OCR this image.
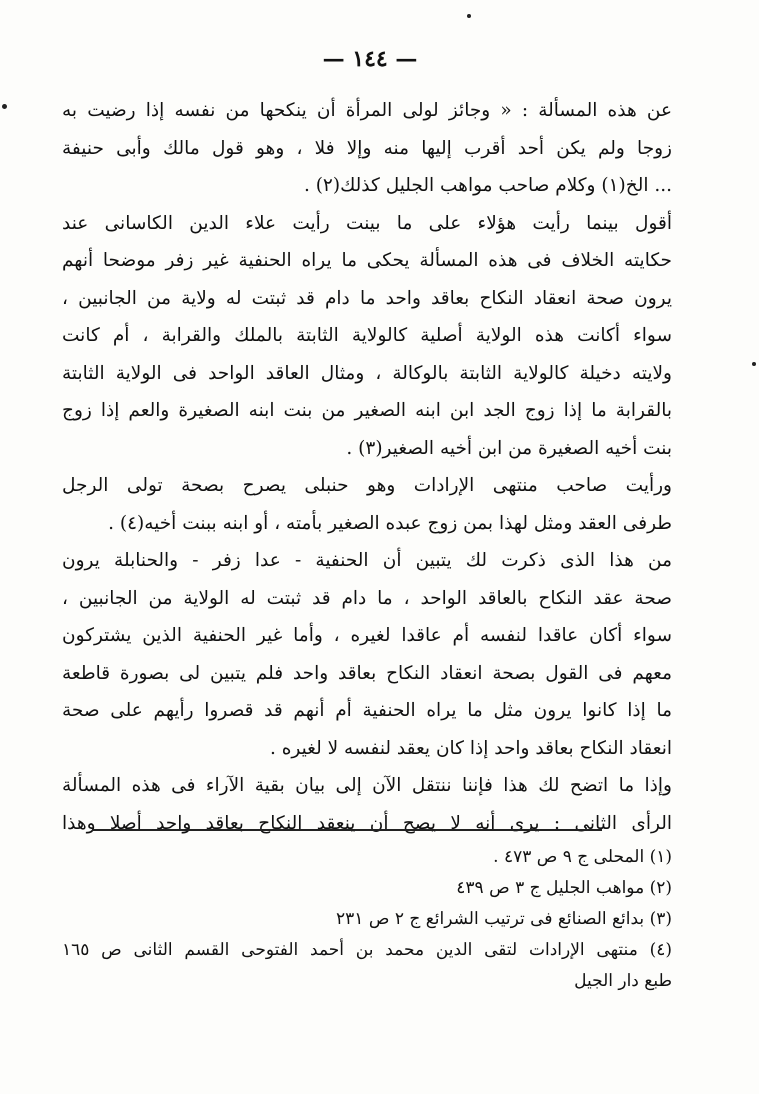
— ١٤٤ —
عن هذه المسألة : « وجائز لولى المرأة أن ينكحها من نفسه إذا رضيت به
زوجا ولم يكن أحد أقرب إليها منه وإلا فلا ، وهو قول مالك وأبى حنيفة
... الخ(١) وكلام صاحب مواهب الجليل كذلك(٢) .
أقول بينما رأيت هؤلاء على ما بينت رأيت علاء الدين الكاسانى عند
حكايته الخلاف فى هذه المسألة يحكى ما يراه الحنفية غير زفر موضحا أنهم
يرون صحة انعقاد النكاح بعاقد واحد ما دام قد ثبتت له ولاية من الجانبين ،
سواء أكانت هذه الولاية أصلية كالولاية الثابتة بالملك والقرابة ، أم كانت
ولايته دخيلة كالولاية الثابتة بالوكالة ، ومثال العاقد الواحد فى الولاية الثابتة
بالقرابة ما إذا زوج الجد ابن ابنه الصغير من بنت ابنه الصغيرة والعم إذا زوج
بنت أخيه الصغيرة من ابن أخيه الصغير(٣) .
ورأيت صاحب منتهى الإرادات وهو حنبلى يصرح بصحة تولى الرجل
طرفى العقد ومثل لهذا بمن زوج عبده الصغير بأمته ، أو ابنه ببنت أخيه(٤) .
من هذا الذى ذكرت لك يتبين أن الحنفية - عدا زفر - والحنابلة يرون
صحة عقد النكاح بالعاقد الواحد ، ما دام قد ثبتت له الولاية من الجانبين ،
سواء أكان عاقدا لنفسه أم عاقدا لغيره ، وأما غير الحنفية الذين يشتركون
معهم فى القول بصحة انعقاد النكاح بعاقد واحد فلم يتبين لى بصورة قاطعة
ما إذا كانوا يرون مثل ما يراه الحنفية أم أنهم قد قصروا رأيهم على صحة
انعقاد النكاح بعاقد واحد إذا كان يعقد لنفسه لا لغيره .
وإذا ما اتضح لك هذا فإننا ننتقل الآن إلى بيان بقية الآراء فى هذه المسألة
الرأى الثانى : يرى أنه لا يصح أن ينعقد النكاح بعاقد واحد أصلا وهذا
(١) المحلى ج ٩ ص ٤٧٣ .
(٢) مواهب الجليل ج ٣ ص ٤٣٩
(٣) بدائع الصنائع فى ترتيب الشرائع ج ٢ ص ٢٣١
(٤) منتهى الإرادات لتقى الدين محمد بن أحمد الفتوحى القسم الثانى ص ١٦٥
طبع دار الجيل
